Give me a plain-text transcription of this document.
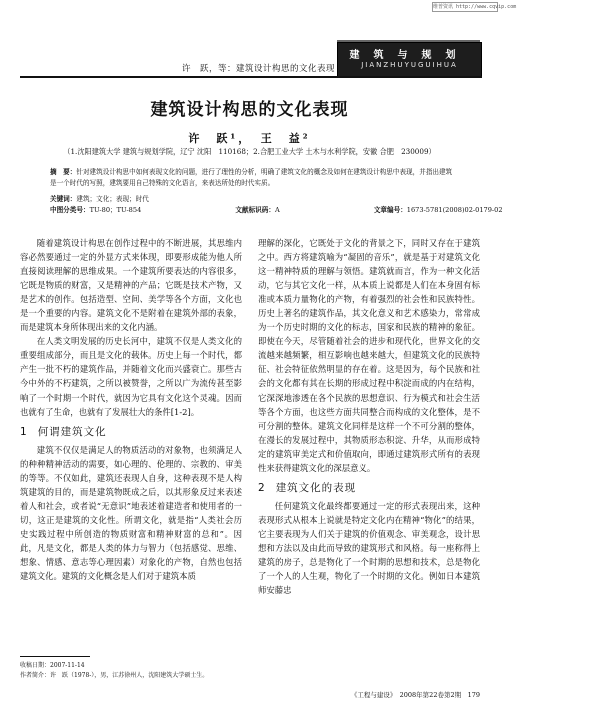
维普资讯 http://www.cqvip.com
建筑与规划
JIANZHUYUGUIHUA
许　跃，等：建筑设计构思的文化表现
建筑设计构思的文化表现
许　跃¹，　王　益²
（1.沈阳建筑大学 建筑与规划学院，辽宁 沈阳　110168；2.合肥工业大学 土木与水利学院，安徽 合肥　230009）
摘　要：针对建筑设计构思中如何表现文化的问题，进行了理性的分析，明确了建筑文化的概念及如何在建筑设计构思中表现，并指出建筑是一个时代的写照，建筑要用自己特殊的文化语言，来表达所处的时代实质。
关键词：建筑；文化；表现；时代
中图分类号：TU-80；TU-854	文献标识码：A	文章编号：1673-5781(2008)02-0179-02

随着建筑设计构思在创作过程中的不断进展，其思维内容必然要通过一定的外显方式来体现，即要形成能为他人所直接阅读理解的思维成果。一个建筑所要表达的内容很多，它既是物质的财富，又是精神的产品；它既是技术产物，又是艺术的创作。包括造型、空间、美学等各个方面，文化也是一个重要的内容。建筑文化不是附着在建筑外部的表象，而是建筑本身所体现出来的文化内涵。

在人类文明发展的历史长河中，建筑不仅是人类文化的重要组成部分，而且是文化的载体。历史上每一个时代，都产生一批不朽的建筑作品，并随着文化而兴盛衰亡。那些古今中外的不朽建筑，之所以被赞誉，之所以广为流传甚至影响了一个时期一个时代，就因为它具有文化这个灵魂。因而也就有了生命，也就有了发展壮大的条件[1-2]。

1 何谓建筑文化

建筑不仅仅是满足人的物质活动的对象物，也须满足人的种种精神活动的需要，如心理的、伦理的、宗教的、审美的等等。不仅如此，建筑还表现人自身，这种表现不是人构筑建筑的目的，而是建筑物既成之后，以其形象反过来表述着人和社会，或者说“无意识”地表述着建造者和使用者的一切，这正是建筑的文化性。所谓文化，就是指“人类社会历史实践过程中所创造的物质财富和精神财富的总和”。因此，凡是文化，都是人类的体力与智力（包括感觉、思维、想象、情感、意志等心理因素）对象化的产物，自然也包括建筑文化。建筑的文化概念是人们对于建筑本质

理解的深化，它既处于文化的背景之下，同时又存在于建筑之中。西方将建筑喻为“凝固的音乐”，就是基于对建筑文化这一精神特质的理解与领悟。建筑就而言，作为一种文化活动，它与其它文化一样，从本质上说都是人们在本身固有标准或本质力量物化的产物，有着强烈的社会性和民族特性。历史上著名的建筑作品，其文化意义和艺术感染力，常常成为一个历史时期的文化的标志，国家和民族的精神的象征。即使在今天，尽管随着社会的进步和现代化，世界文化的交流越来越频繁，相互影响也越来越大，但建筑文化的民族特征、社会特征依然明显的存在着。这是因为，每个民族和社会的文化都有其在长期的形成过程中积淀而成的内在结构，它深深地渗透在各个民族的思想意识、行为模式和社会生活等各个方面，也这些方面共同整合而构成的文化整体，是不可分割的整体。建筑文化同样是这样一个不可分割的整体，在漫长的发展过程中，其物质形态积淀、升华，从而形成特定的建筑审美定式和价值取向，即通过建筑形式所有的表现性来获得建筑文化的深层意义。

2 建筑文化的表现

任何建筑文化最终都要通过一定的形式表现出来，这种表现形式从根本上说就是特定文化内在精神“物化”的结果，它主要表现为人们关于建筑的价值观念、审美观念，设计思想和方法以及由此而导致的建筑形式和风格。每一座称得上建筑的房子，总是物化了一个时期的思想和技术，总是物化了一个人的人生观，物化了一个时期的文化。例如日本建筑师安藤忠

收稿日期：2007-11-14
作者简介：许　跃（1978-），男，江苏徐州人，沈阳建筑大学硕士生。
《工程与建设》　2008年第22卷第2期　179
